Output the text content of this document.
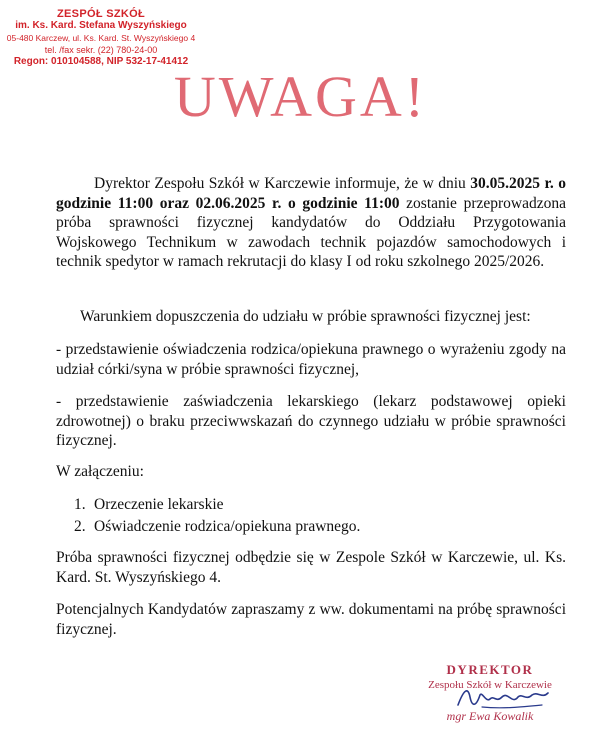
ZESPÓŁ SZKÓŁ
im. Ks. Kard. Stefana Wyszyńskiego
05-480 Karczew, ul. Ks. Kard. St. Wyszyńskiego 4
tel. /fax sekr. (22) 780-24-00
Regon: 010104588, NIP 532-17-41412
UWAGA!

Dyrektor Zespołu Szkół w Karczewie informuje, że w dniu 30.05.2025 r. o godzinie 11:00 oraz 02.06.2025 r. o godzinie 11:00 zostanie przeprowadzona próba sprawności fizycznej kandydatów do Oddziału Przygotowania Wojskowego Technikum w zawodach technik pojazdów samochodowych i technik spedytor w ramach rekrutacji do klasy I od roku szkolnego 2025/2026.

Warunkiem dopuszczenia do udziału w próbie sprawności fizycznej jest:

- przedstawienie oświadczenia rodzica/opiekuna prawnego o wyrażeniu zgody na udział córki/syna w próbie sprawności fizycznej,

- przedstawienie zaświadczenia lekarskiego (lekarz podstawowej opieki zdrowotnej) o braku przeciwwskazań do czynnego udziału w próbie sprawności fizycznej.

W załączeniu:

1. Orzeczenie lekarskie
2. Oświadczenie rodzica/opiekuna prawnego.

Próba sprawności fizycznej odbędzie się w Zespole Szkół w Karczewie, ul. Ks. Kard. St. Wyszyńskiego 4.

Potencjalnych Kandydatów zapraszamy z ww. dokumentami na próbę sprawności fizycznej.

DYREKTOR
Zespołu Szkół w Karczewie
mgr Ewa Kowalik
